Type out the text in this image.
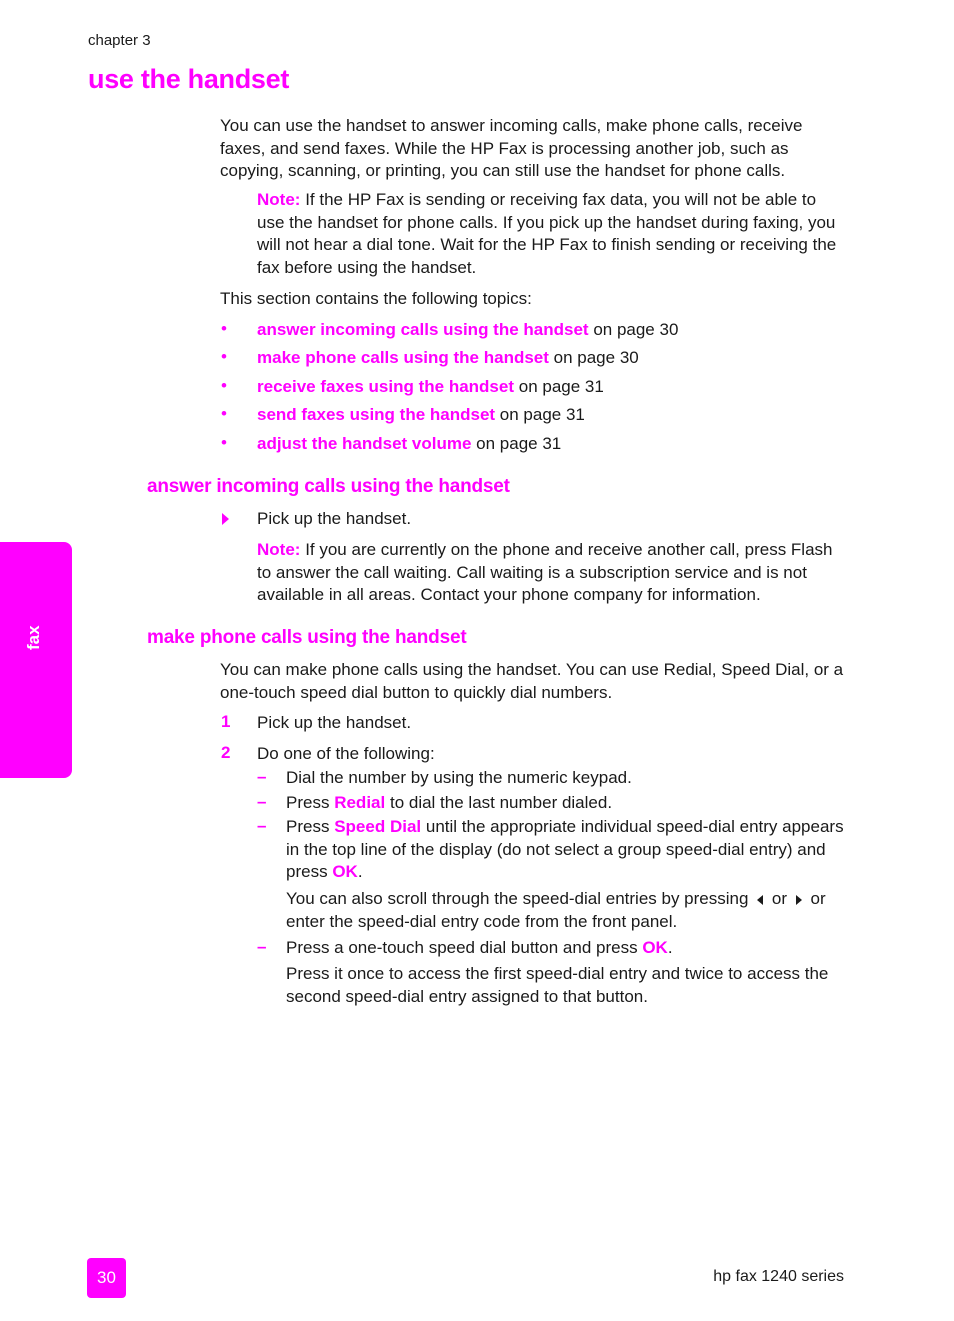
chapter 3
use the handset
You can use the handset to answer incoming calls, make phone calls, receive faxes, and send faxes. While the HP Fax is processing another job, such as copying, scanning, or printing, you can still use the handset for phone calls.
Note: If the HP Fax is sending or receiving fax data, you will not be able to use the handset for phone calls. If you pick up the handset during faxing, you will not hear a dial tone. Wait for the HP Fax to finish sending or receiving the fax before using the handset.
This section contains the following topics:
• answer incoming calls using the handset on page 30
• make phone calls using the handset on page 30
• receive faxes using the handset on page 31
• send faxes using the handset on page 31
• adjust the handset volume on page 31
answer incoming calls using the handset
Pick up the handset.
Note: If you are currently on the phone and receive another call, press Flash to answer the call waiting. Call waiting is a subscription service and is not available in all areas. Contact your phone company for information.
make phone calls using the handset
You can make phone calls using the handset. You can use Redial, Speed Dial, or a one-touch speed dial button to quickly dial numbers.
1 Pick up the handset.
2 Do one of the following:
– Dial the number by using the numeric keypad.
– Press Redial to dial the last number dialed.
– Press Speed Dial until the appropriate individual speed-dial entry appears in the top line of the display (do not select a group speed-dial entry) and press OK.
You can also scroll through the speed-dial entries by pressing or or enter the speed-dial entry code from the front panel.
– Press a one-touch speed dial button and press OK.
Press it once to access the first speed-dial entry and twice to access the second speed-dial entry assigned to that button.
fax
30	hp fax 1240 series
